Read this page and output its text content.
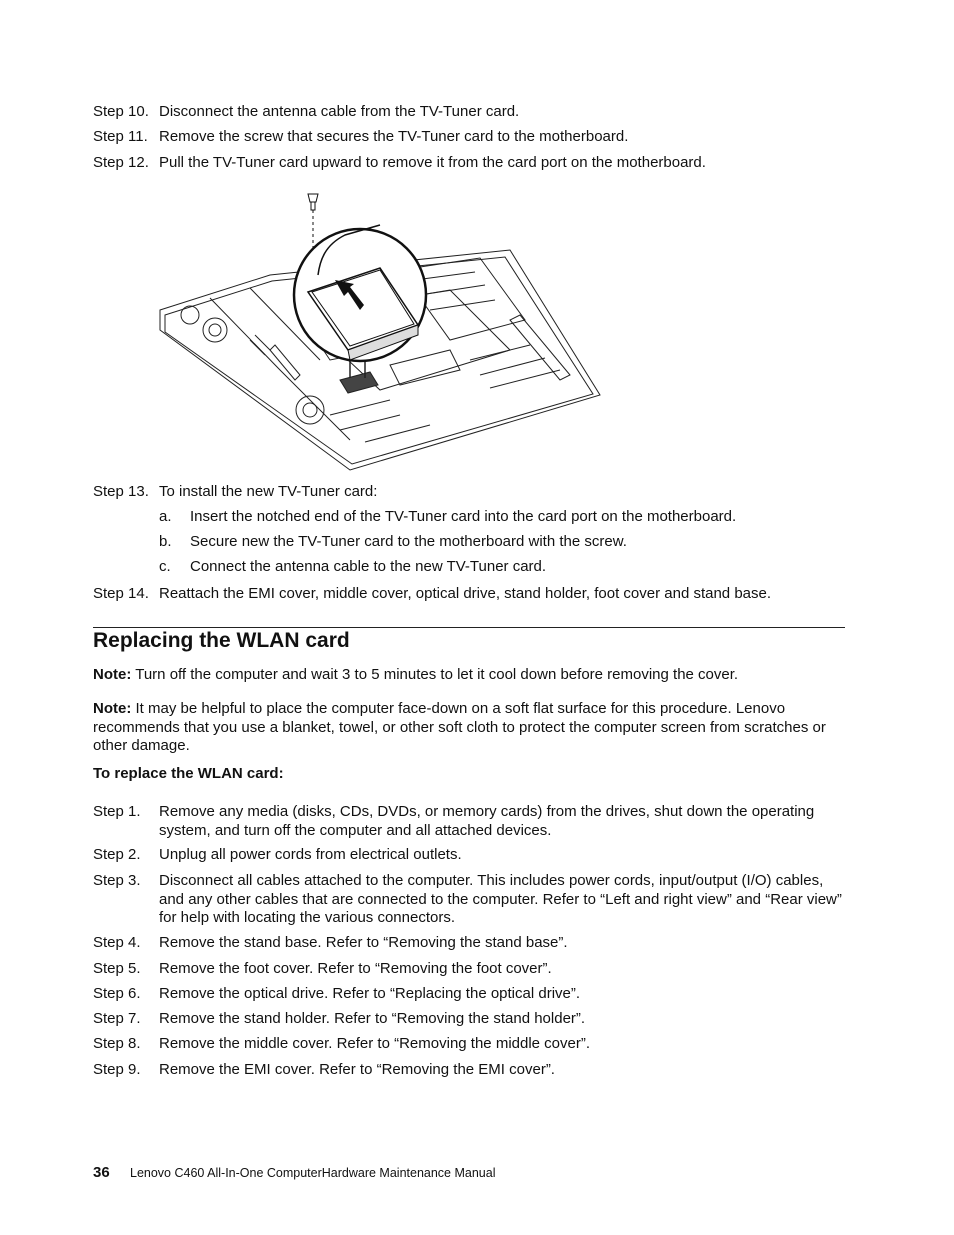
Step 10. Disconnect the antenna cable from the TV-Tuner card.
Step 11. Remove the screw that secures the TV-Tuner card to the motherboard.
Step 12. Pull the TV-Tuner card upward to remove it from the card port on the motherboard.
Step 13. To install the new TV-Tuner card:
a. Insert the notched end of the TV-Tuner card into the card port on the motherboard.
b. Secure new the TV-Tuner card to the motherboard with the screw.
c. Connect the antenna cable to the new TV-Tuner card.
Step 14. Reattach the EMI cover, middle cover, optical drive, stand holder, foot cover and stand base.
Replacing the WLAN card
Note: Turn off the computer and wait 3 to 5 minutes to let it cool down before removing the cover.
Note: It may be helpful to place the computer face-down on a soft flat surface for this procedure. Lenovo recommends that you use a blanket, towel, or other soft cloth to protect the computer screen from scratches or other damage.
To replace the WLAN card:
Step 1. Remove any media (disks, CDs, DVDs, or memory cards) from the drives, shut down the operating system, and turn off the computer and all attached devices.
Step 2. Unplug all power cords from electrical outlets.
Step 3. Disconnect all cables attached to the computer. This includes power cords, input/output (I/O) cables, and any other cables that are connected to the computer. Refer to “Left and right view” and “Rear view” for help with locating the various connectors.
Step 4. Remove the stand base. Refer to “Removing the stand base”.
Step 5. Remove the foot cover. Refer to “Removing the foot cover”.
Step 6. Remove the optical drive. Refer to “Replacing the optical drive”.
Step 7. Remove the stand holder. Refer to “Removing the stand holder”.
Step 8. Remove the middle cover. Refer to “Removing the middle cover”.
Step 9. Remove the EMI cover. Refer to “Removing the EMI cover”.
36 Lenovo C460 All-In-One ComputerHardware Maintenance Manual
